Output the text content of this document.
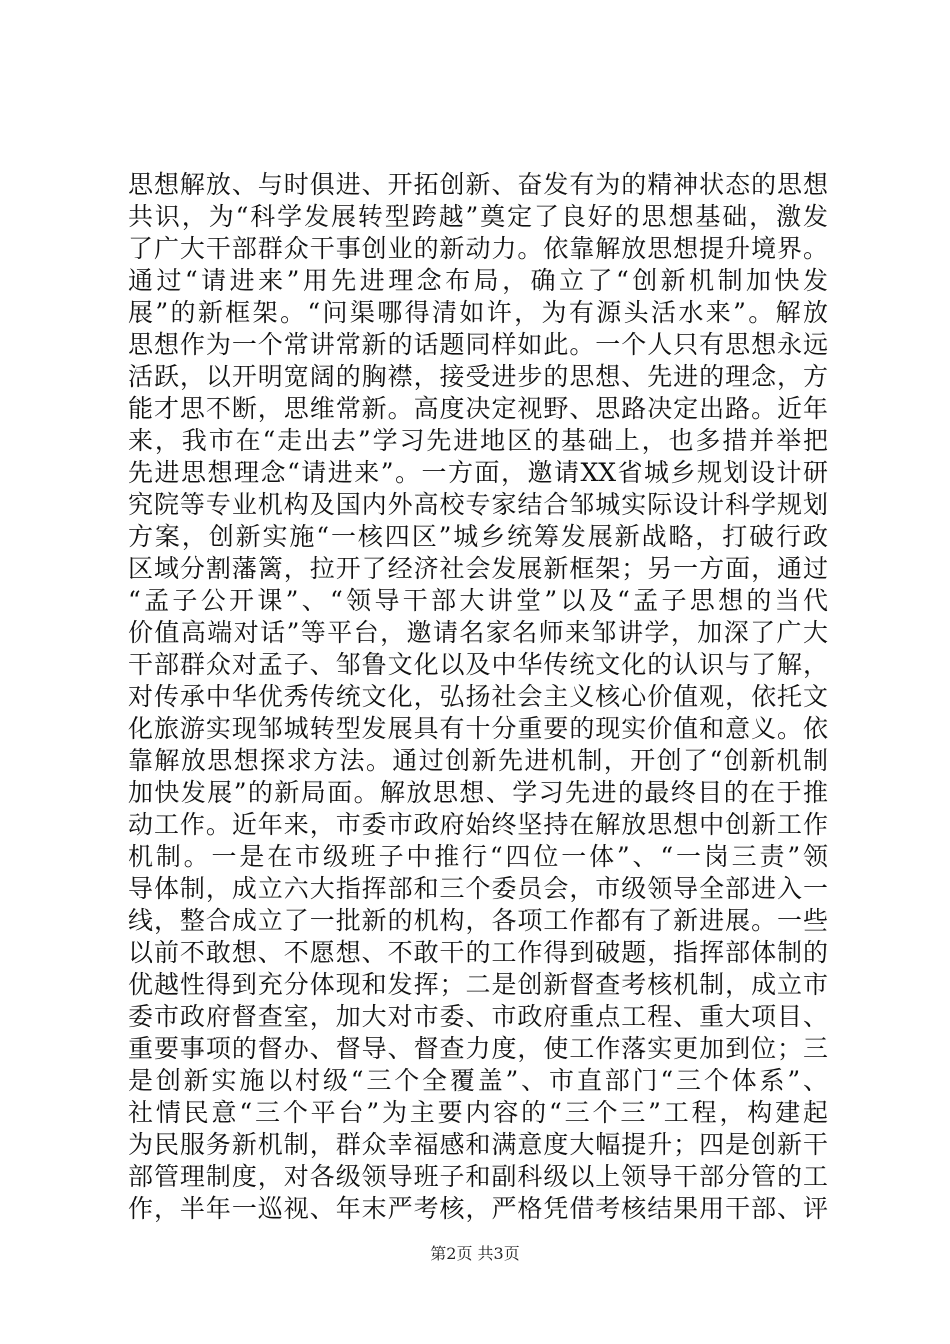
思想解放、与时俱进、开拓创新、奋发有为的精神状态的思想
共识，为“科学发展转型跨越”奠定了良好的思想基础，激发
了广大干部群众干事创业的新动力。依靠解放思想提升境界。
通过“请进来”用先进理念布局，确立了“创新机制加快发
展”的新框架。“问渠哪得清如许，为有源头活水来”。解放
思想作为一个常讲常新的话题同样如此。一个人只有思想永远
活跃，以开明宽阔的胸襟，接受进步的思想、先进的理念，方
能才思不断，思维常新。高度决定视野、思路决定出路。近年
来，我市在“走出去”学习先进地区的基础上，也多措并举把
先进思想理念“请进来”。一方面，邀请XX省城乡规划设计研
究院等专业机构及国内外高校专家结合邹城实际设计科学规划
方案，创新实施“一核四区”城乡统筹发展新战略，打破行政
区域分割藩篱，拉开了经济社会发展新框架；另一方面，通过
“孟子公开课”、“领导干部大讲堂”以及“孟子思想的当代
价值高端对话”等平台，邀请名家名师来邹讲学，加深了广大
干部群众对孟子、邹鲁文化以及中华传统文化的认识与了解，
对传承中华优秀传统文化，弘扬社会主义核心价值观，依托文
化旅游实现邹城转型发展具有十分重要的现实价值和意义。依
靠解放思想探求方法。通过创新先进机制，开创了“创新机制
加快发展”的新局面。解放思想、学习先进的最终目的在于推
动工作。近年来，市委市政府始终坚持在解放思想中创新工作
机制。一是在市级班子中推行“四位一体”、“一岗三责”领
导体制，成立六大指挥部和三个委员会，市级领导全部进入一
线，整合成立了一批新的机构，各项工作都有了新进展。一些
以前不敢想、不愿想、不敢干的工作得到破题，指挥部体制的
优越性得到充分体现和发挥；二是创新督查考核机制，成立市
委市政府督查室，加大对市委、市政府重点工程、重大项目、
重要事项的督办、督导、督查力度，使工作落实更加到位；三
是创新实施以村级“三个全覆盖”、市直部门“三个体系”、
社情民意“三个平台”为主要内容的“三个三”工程，构建起
为民服务新机制，群众幸福感和满意度大幅提升；四是创新干
部管理制度，对各级领导班子和副科级以上领导干部分管的工
作，半年一巡视、年末严考核，严格凭借考核结果用干部、评
第2页 共3页
